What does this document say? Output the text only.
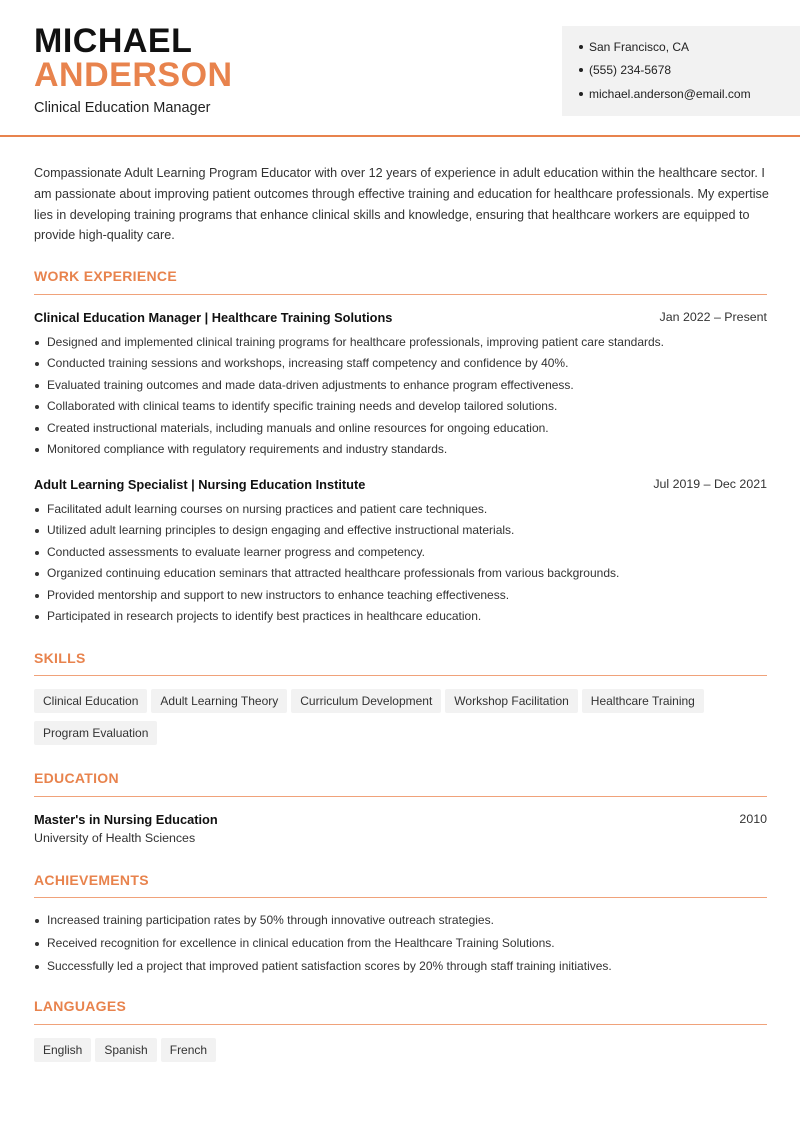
MICHAEL
ANDERSON
Clinical Education Manager
San Francisco, CA
(555) 234-5678
michael.anderson@email.com
Compassionate Adult Learning Program Educator with over 12 years of experience in adult education within the healthcare sector. I am passionate about improving patient outcomes through effective training and education for healthcare professionals. My expertise lies in developing training programs that enhance clinical skills and knowledge, ensuring that healthcare workers are equipped to provide high-quality care.
WORK EXPERIENCE
Clinical Education Manager | Healthcare Training Solutions	Jan 2022 – Present
Designed and implemented clinical training programs for healthcare professionals, improving patient care standards.
Conducted training sessions and workshops, increasing staff competency and confidence by 40%.
Evaluated training outcomes and made data-driven adjustments to enhance program effectiveness.
Collaborated with clinical teams to identify specific training needs and develop tailored solutions.
Created instructional materials, including manuals and online resources for ongoing education.
Monitored compliance with regulatory requirements and industry standards.
Adult Learning Specialist | Nursing Education Institute	Jul 2019 – Dec 2021
Facilitated adult learning courses on nursing practices and patient care techniques.
Utilized adult learning principles to design engaging and effective instructional materials.
Conducted assessments to evaluate learner progress and competency.
Organized continuing education seminars that attracted healthcare professionals from various backgrounds.
Provided mentorship and support to new instructors to enhance teaching effectiveness.
Participated in research projects to identify best practices in healthcare education.
SKILLS
Clinical Education Adult Learning Theory Curriculum Development Workshop Facilitation Healthcare TrainingProgram Evaluation
EDUCATION
Master's in Nursing Education	2010
University of Health Sciences
ACHIEVEMENTS
Increased training participation rates by 50% through innovative outreach strategies.
Received recognition for excellence in clinical education from the Healthcare Training Solutions.
Successfully led a project that improved patient satisfaction scores by 20% through staff training initiatives.
LANGUAGES
English Spanish French
